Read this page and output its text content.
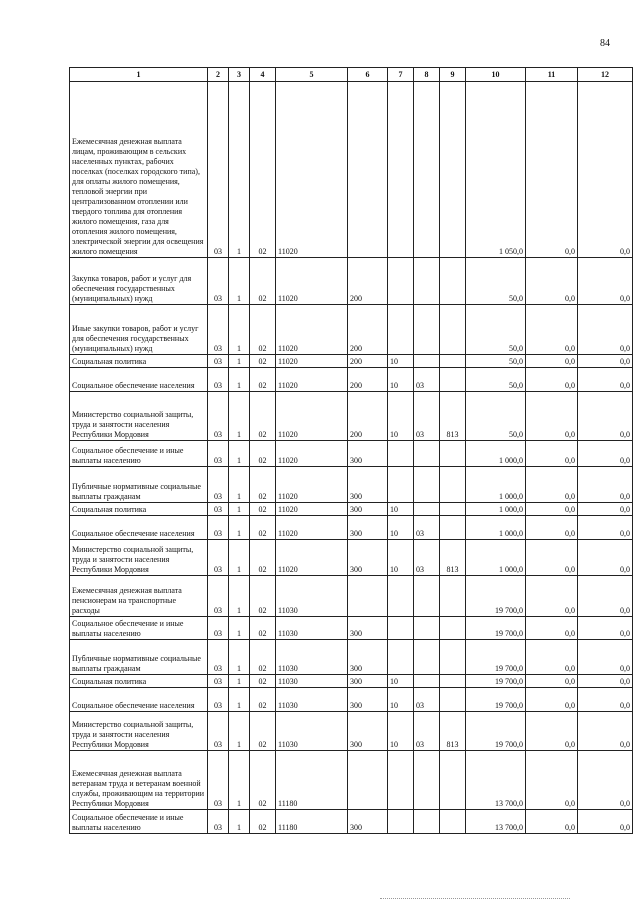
84
1	2	3	4	5	6	7	8	9	10	11	12
Ежемесячная денежная выплата лицам, проживающим в сельских населенных пунктах, рабочих поселках (поселках городского типа), для оплаты жилого помещения, тепловой энергии при централизованном отоплении или твердого топлива для отопления жилого помещения, газа для отопления жилого помещения, электрической энергии для освещения жилого помещения	03	1	02	11020					1 050,0	0,0	0,0
Закупка товаров, работ и услуг для обеспечения государственных (муниципальных) нужд	03	1	02	11020	200				50,0	0,0	0,0
Иные закупки товаров, работ и услуг для обеспечения государственных (муниципальных) нужд	03	1	02	11020	200				50,0	0,0	0,0
Социальная политика	03	1	02	11020	200	10			50,0	0,0	0,0
Социальное обеспечение населения	03	1	02	11020	200	10	03		50,0	0,0	0,0
Министерство социальной защиты, труда и занятости населения Республики Мордовия	03	1	02	11020	200	10	03	813	50,0	0,0	0,0
Социальное обеспечение и иные выплаты населению	03	1	02	11020	300				1 000,0	0,0	0,0
Публичные нормативные социальные выплаты гражданам	03	1	02	11020	300				1 000,0	0,0	0,0
Социальная политика	03	1	02	11020	300	10			1 000,0	0,0	0,0
Социальное обеспечение населения	03	1	02	11020	300	10	03		1 000,0	0,0	0,0
Министерство социальной защиты, труда и занятости населения Республики Мордовия	03	1	02	11020	300	10	03	813	1 000,0	0,0	0,0
Ежемесячная денежная выплата пенсионерам на транспортные расходы	03	1	02	11030					19 700,0	0,0	0,0
Социальное обеспечение и иные выплаты населению	03	1	02	11030	300				19 700,0	0,0	0,0
Публичные нормативные социальные выплаты гражданам	03	1	02	11030	300				19 700,0	0,0	0,0
Социальная политика	03	1	02	11030	300	10			19 700,0	0,0	0,0
Социальное обеспечение населения	03	1	02	11030	300	10	03		19 700,0	0,0	0,0
Министерство социальной защиты, труда и занятости населения Республики Мордовия	03	1	02	11030	300	10	03	813	19 700,0	0,0	0,0
Ежемесячная денежная выплата ветеранам труда и ветеранам военной службы, проживающим на территории Республики Мордовия	03	1	02	11180					13 700,0	0,0	0,0
Социальное обеспечение и иные выплаты населению	03	1	02	11180	300				13 700,0	0,0	0,0
